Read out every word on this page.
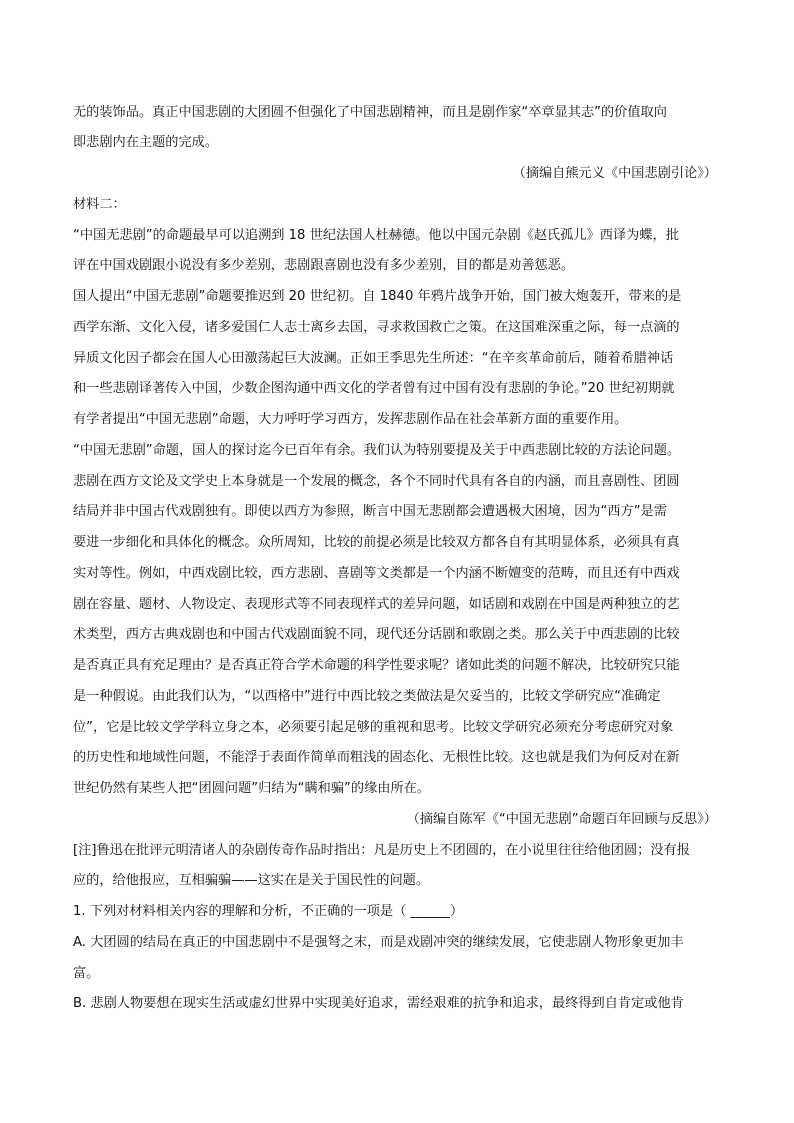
无的装饰品。真正中国悲剧的大团圆不但强化了中国悲剧精神，而且是剧作家“卒章显其志”的价值取向
即悲剧内在主题的完成。
（摘编自熊元义《中国悲剧引论》）
材料二：
“中国无悲剧”的命题最早可以追溯到 18 世纪法国人杜赫德。他以中国元杂剧《赵氏孤儿》西译为蝶，批
评在中国戏剧跟小说没有多少差别，悲剧跟喜剧也没有多少差别，目的都是劝善惩恶。
国人提出“中国无悲剧”命题要推迟到 20 世纪初。自 1840 年鸦片战争开始，国门被大炮轰开，带来的是
西学东渐、文化入侵，诸多爱国仁人志士离乡去国，寻求救国救亡之策。在这国难深重之际，每一点滴的
异质文化因子都会在国人心田激荡起巨大波澜。正如王季思先生所述：“在辛亥革命前后，随着希腊神话
和一些悲剧译著传入中国，少数企图沟通中西文化的学者曾有过中国有没有悲剧的争论。”20 世纪初期就
有学者提出“中国无悲剧”命题，大力呼吁学习西方，发挥悲剧作品在社会革新方面的重要作用。
“中国无悲剧”命题，国人的探讨迄今已百年有余。我们认为特别要提及关于中西悲剧比较的方法论问题。
悲剧在西方文论及文学史上本身就是一个发展的概念，各个不同时代具有各自的内涵，而且喜剧性、团圆
结局并非中国古代戏剧独有。即使以西方为参照，断言中国无悲剧都会遭遇极大困境，因为“西方”是需
要进一步细化和具体化的概念。众所周知，比较的前提必须是比较双方都各自有其明显体系，必须具有真
实对等性。例如，中西戏剧比较，西方悲剧、喜剧等文类都是一个内涵不断嬗变的范畴，而且还有中西戏
剧在容量、题材、人物设定、表现形式等不同表现样式的差异问题，如话剧和戏剧在中国是两种独立的艺
术类型，西方古典戏剧也和中国古代戏剧面貌不同，现代还分话剧和歌剧之类。那么关于中西悲剧的比较
是否真正具有充足理由？是否真正符合学术命题的科学性要求呢？诸如此类的问题不解决，比较研究只能
是一种假说。由此我们认为，“以西格中”进行中西比较之类做法是欠妥当的，比较文学研究应“准确定
位”，它是比较文学学科立身之本，必须要引起足够的重视和思考。比较文学研究必须充分考虑研究对象
的历史性和地域性问题，不能浮于表面作简单而粗浅的固态化、无根性比较。这也就是我们为何反对在新
世纪仍然有某些人把“团圆问题”归结为“瞒和骗”的缘由所在。
（摘编自陈军《“中国无悲剧”命题百年回顾与反思》）
[注]鲁迅在批评元明清诸人的杂剧传奇作品时指出：凡是历史上不团圆的，在小说里往往给他团圆；没有报
应的，给他报应，互相骗骗——这实在是关于国民性的问题。
1. 下列对材料相关内容的理解和分析，不正确的一项是（ ______）
A. 大团圆的结局在真正的中国悲剧中不是强弩之末，而是戏剧冲突的继续发展，它使悲剧人物形象更加丰
富。
B. 悲剧人物要想在现实生活或虚幻世界中实现美好追求，需经艰难的抗争和追求，最终得到自肯定或他肯
